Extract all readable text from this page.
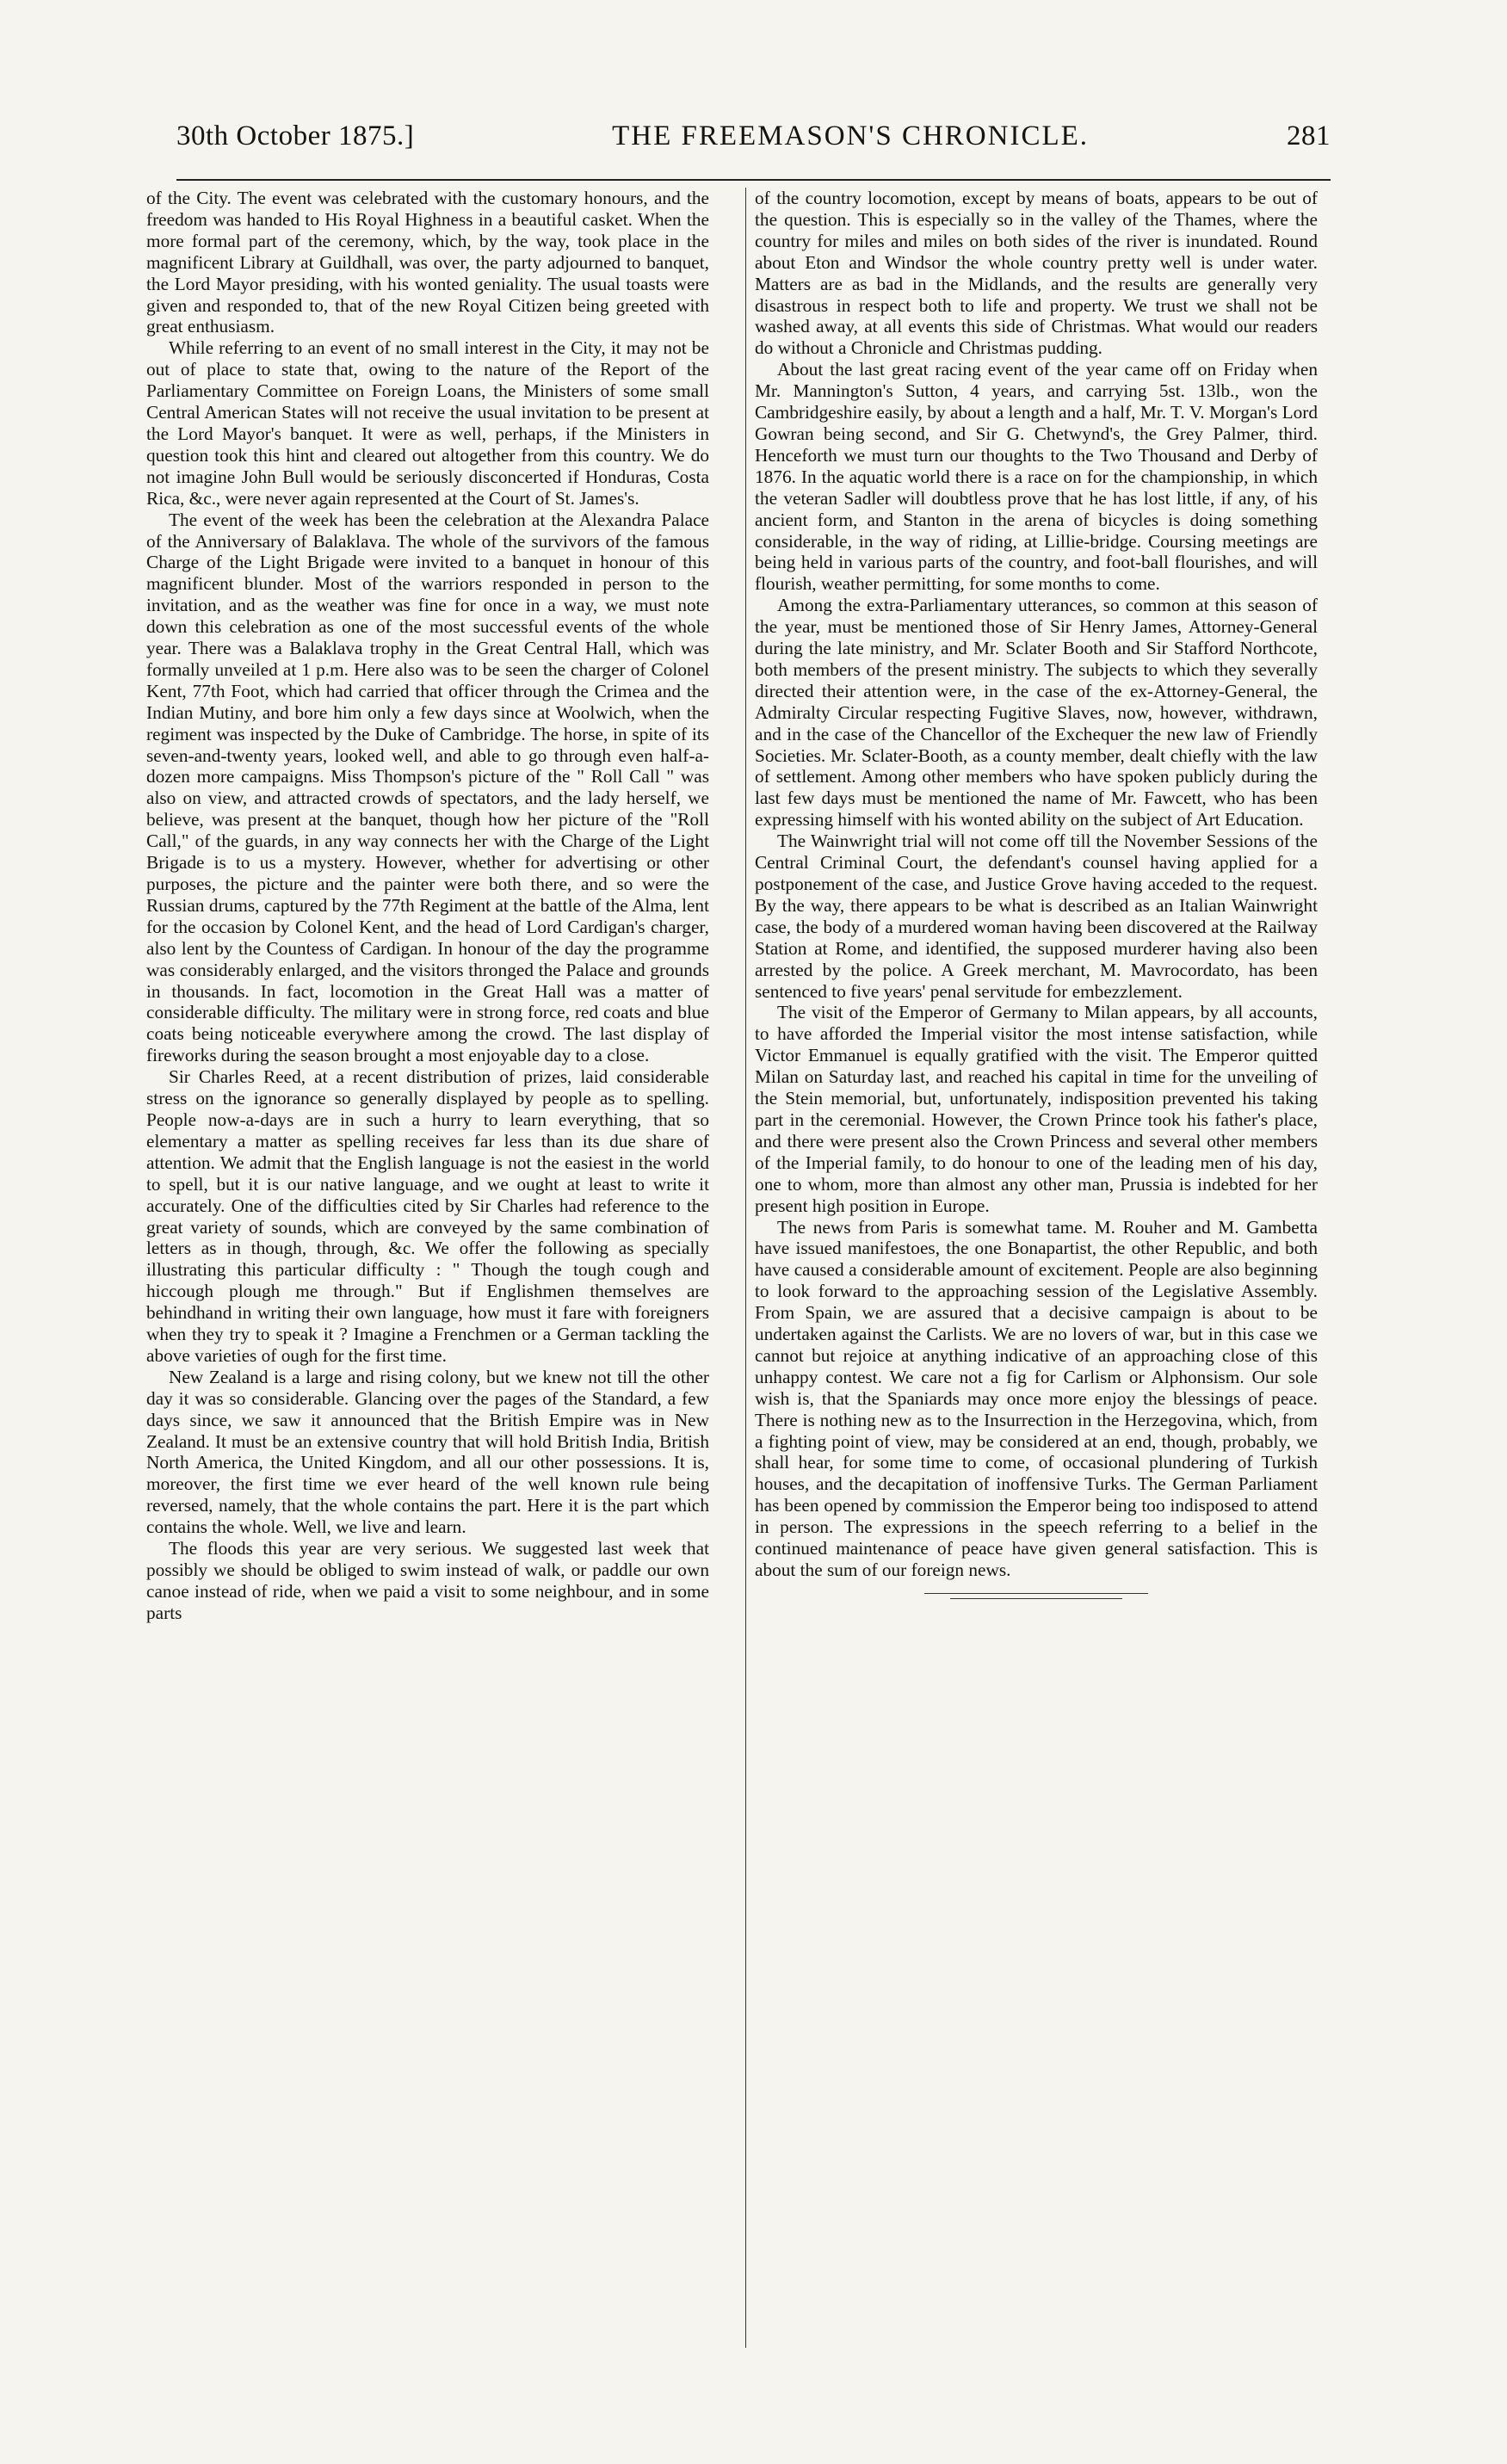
30th October 1875.]	THE FREEMASON'S CHRONICLE.	281

of the City. The event was celebrated with the customary honours, and the freedom was handed to His Royal Highness in a beautiful casket. When the more formal part of the ceremony, which, by the way, took place in the magnificent Library at Guildhall, was over, the party adjourned to banquet, the Lord Mayor presiding, with his wonted geniality. The usual toasts were given and responded to, that of the new Royal Citizen being greeted with great enthusiasm.

While referring to an event of no small interest in the City, it may not be out of place to state that, owing to the nature of the Report of the Parliamentary Committee on Foreign Loans, the Ministers of some small Central American States will not receive the usual invitation to be present at the Lord Mayor's banquet. It were as well, perhaps, if the Ministers in question took this hint and cleared out altogether from this country. We do not imagine John Bull would be seriously disconcerted if Honduras, Costa Rica, &c., were never again represented at the Court of St. James's.

The event of the week has been the celebration at the Alexandra Palace of the Anniversary of Balaklava. The whole of the survivors of the famous Charge of the Light Brigade were invited to a banquet in honour of this magnificent blunder. Most of the warriors responded in person to the invitation, and as the weather was fine for once in a way, we must note down this celebration as one of the most successful events of the whole year. There was a Balaklava trophy in the Great Central Hall, which was formally unveiled at 1 p.m. Here also was to be seen the charger of Colonel Kent, 77th Foot, which had carried that officer through the Crimea and the Indian Mutiny, and bore him only a few days since at Woolwich, when the regiment was inspected by the Duke of Cambridge. The horse, in spite of its seven-and-twenty years, looked well, and able to go through even half-a-dozen more campaigns. Miss Thompson's picture of the " Roll Call " was also on view, and attracted crowds of spectators, and the lady herself, we believe, was present at the banquet, though how her picture of the "Roll Call," of the guards, in any way connects her with the Charge of the Light Brigade is to us a mystery. However, whether for advertising or other purposes, the picture and the painter were both there, and so were the Russian drums, captured by the 77th Regiment at the battle of the Alma, lent for the occasion by Colonel Kent, and the head of Lord Cardigan's charger, also lent by the Countess of Cardigan. In honour of the day the programme was considerably enlarged, and the visitors thronged the Palace and grounds in thousands. In fact, locomotion in the Great Hall was a matter of considerable difficulty. The military were in strong force, red coats and blue coats being noticeable everywhere among the crowd. The last display of fireworks during the season brought a most enjoyable day to a close.

Sir Charles Reed, at a recent distribution of prizes, laid considerable stress on the ignorance so generally displayed by people as to spelling. People now-a-days are in such a hurry to learn everything, that so elementary a matter as spelling receives far less than its due share of attention. We admit that the English language is not the easiest in the world to spell, but it is our native language, and we ought at least to write it accurately. One of the difficulties cited by Sir Charles had reference to the great variety of sounds, which are conveyed by the same combination of letters as in though, through, &c. We offer the following as specially illustrating this particular difficulty : " Though the tough cough and hiccough plough me through." But if Englishmen themselves are behindhand in writing their own language, how must it fare with foreigners when they try to speak it ? Imagine a Frenchmen or a German tackling the above varieties of ough for the first time.

New Zealand is a large and rising colony, but we knew not till the other day it was so considerable. Glancing over the pages of the Standard, a few days since, we saw it announced that the British Empire was in New Zealand. It must be an extensive country that will hold British India, British North America, the United Kingdom, and all our other possessions. It is, moreover, the first time we ever heard of the well known rule being reversed, namely, that the whole contains the part. Here it is the part which contains the whole. Well, we live and learn.

The floods this year are very serious. We suggested last week that possibly we should be obliged to swim instead of walk, or paddle our own canoe instead of ride, when we paid a visit to some neighbour, and in some parts

of the country locomotion, except by means of boats, appears to be out of the question. This is especially so in the valley of the Thames, where the country for miles and miles on both sides of the river is inundated. Round about Eton and Windsor the whole country pretty well is under water. Matters are as bad in the Midlands, and the results are generally very disastrous in respect both to life and property. We trust we shall not be washed away, at all events this side of Christmas. What would our readers do without a Chronicle and Christmas pudding.

About the last great racing event of the year came off on Friday when Mr. Mannington's Sutton, 4 years, and carrying 5st. 13lb., won the Cambridgeshire easily, by about a length and a half, Mr. T. V. Morgan's Lord Gowran being second, and Sir G. Chetwynd's, the Grey Palmer, third. Henceforth we must turn our thoughts to the Two Thousand and Derby of 1876. In the aquatic world there is a race on for the championship, in which the veteran Sadler will doubtless prove that he has lost little, if any, of his ancient form, and Stanton in the arena of bicycles is doing something considerable, in the way of riding, at Lillie-bridge. Coursing meetings are being held in various parts of the country, and foot-ball flourishes, and will flourish, weather permitting, for some months to come.

Among the extra-Parliamentary utterances, so common at this season of the year, must be mentioned those of Sir Henry James, Attorney-General during the late ministry, and Mr. Sclater Booth and Sir Stafford Northcote, both members of the present ministry. The subjects to which they severally directed their attention were, in the case of the ex-Attorney-General, the Admiralty Circular respecting Fugitive Slaves, now, however, withdrawn, and in the case of the Chancellor of the Exchequer the new law of Friendly Societies. Mr. Sclater-Booth, as a county member, dealt chiefly with the law of settlement. Among other members who have spoken publicly during the last few days must be mentioned the name of Mr. Fawcett, who has been expressing himself with his wonted ability on the subject of Art Education.

The Wainwright trial will not come off till the November Sessions of the Central Criminal Court, the defendant's counsel having applied for a postponement of the case, and Justice Grove having acceded to the request. By the way, there appears to be what is described as an Italian Wainwright case, the body of a murdered woman having been discovered at the Railway Station at Rome, and identified, the supposed murderer having also been arrested by the police. A Greek merchant, M. Mavrocordato, has been sentenced to five years' penal servitude for embezzlement.

The visit of the Emperor of Germany to Milan appears, by all accounts, to have afforded the Imperial visitor the most intense satisfaction, while Victor Emmanuel is equally gratified with the visit. The Emperor quitted Milan on Saturday last, and reached his capital in time for the unveiling of the Stein memorial, but, unfortunately, indisposition prevented his taking part in the ceremonial. However, the Crown Prince took his father's place, and there were present also the Crown Princess and several other members of the Imperial family, to do honour to one of the leading men of his day, one to whom, more than almost any other man, Prussia is indebted for her present high position in Europe.

The news from Paris is somewhat tame. M. Rouher and M. Gambetta have issued manifestoes, the one Bonapartist, the other Republic, and both have caused a considerable amount of excitement. People are also beginning to look forward to the approaching session of the Legislative Assembly. From Spain, we are assured that a decisive campaign is about to be undertaken against the Carlists. We are no lovers of war, but in this case we cannot but rejoice at anything indicative of an approaching close of this unhappy contest. We care not a fig for Carlism or Alphonsism. Our sole wish is, that the Spaniards may once more enjoy the blessings of peace. There is nothing new as to the Insurrection in the Herzegovina, which, from a fighting point of view, may be considered at an end, though, probably, we shall hear, for some time to come, of occasional plundering of Turkish houses, and the decapitation of inoffensive Turks. The German Parliament has been opened by commission the Emperor being too indisposed to attend in person. The expressions in the speech referring to a belief in the continued maintenance of peace have given general satisfaction. This is about the sum of our foreign news.
